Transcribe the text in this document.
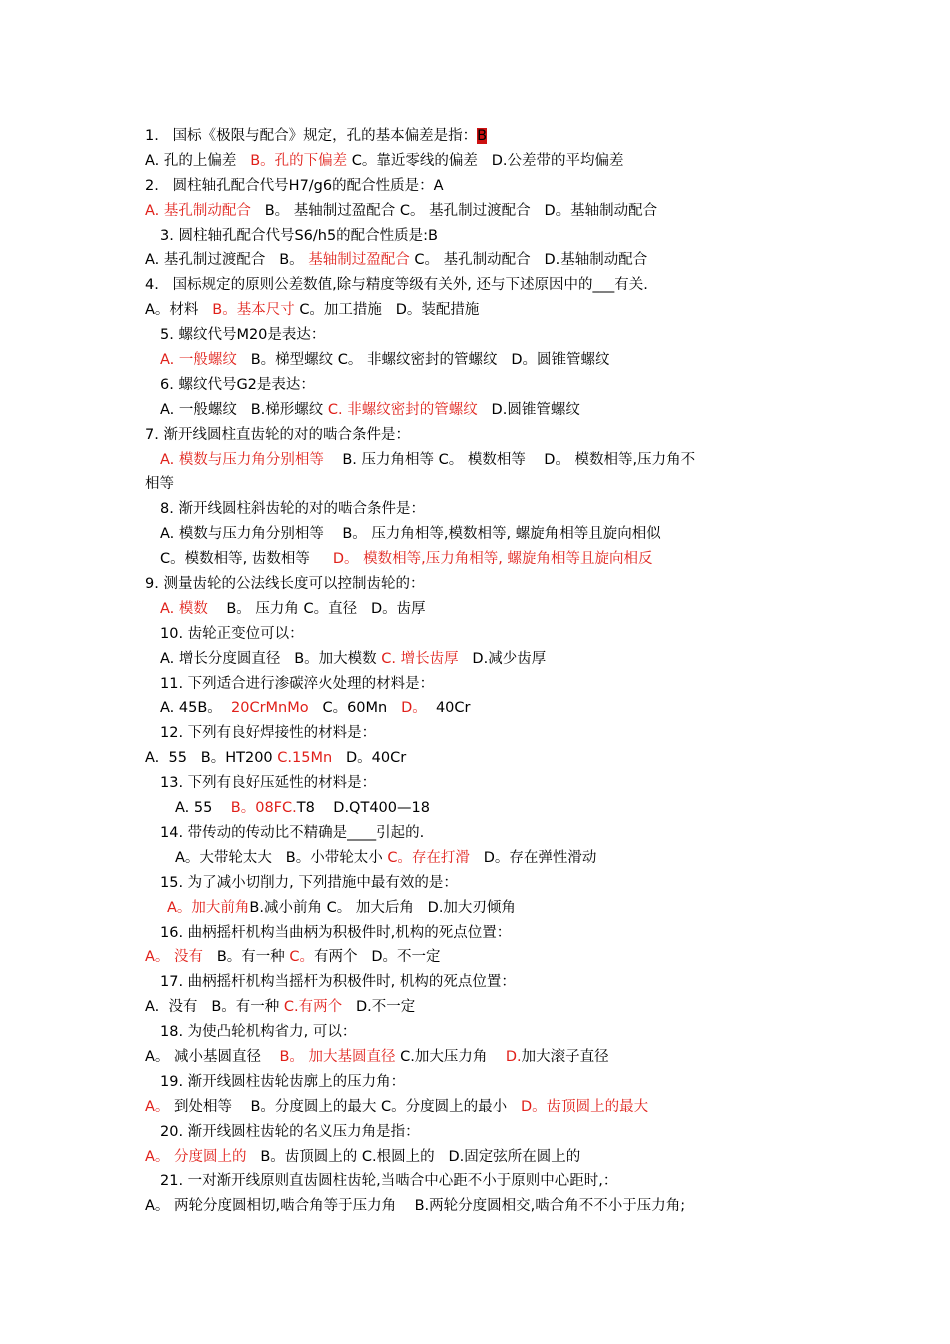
1.   国标《极限与配合》规定，孔的基本偏差是指：B
A. 孔的上偏差   B。孔的下偏差 C。靠近零线的偏差   D.公差带的平均偏差
2.   圆柱轴孔配合代号H7/g6的配合性质是：A
A. 基孔制动配合   B。 基轴制过盈配合 C。 基孔制过渡配合   D。基轴制动配合
3. 圆柱轴孔配合代号S6/h5的配合性质是:B
A. 基孔制过渡配合   B。 基轴制过盈配合 C。 基孔制动配合   D.基轴制动配合
4.   国标规定的原则公差数值,除与精度等级有关外, 还与下述原因中的___有关.
A。材料   B。基本尺寸 C。加工措施   D。装配措施
5. 螺纹代号M20是表达：
A. 一般螺纹   B。梯型螺纹 C。 非螺纹密封的管螺纹   D。圆锥管螺纹
6. 螺纹代号G2是表达：
A. 一般螺纹   B.梯形螺纹 C. 非螺纹密封的管螺纹   D.圆锥管螺纹
7. 渐开线圆柱直齿轮的对的啮合条件是：
A. 模数与压力角分别相等    B. 压力角相等 C。 模数相等    D。 模数相等,压力角不
相等
8. 渐开线圆柱斜齿轮的对的啮合条件是：
A. 模数与压力角分别相等    B。 压力角相等,模数相等, 螺旋角相等且旋向相似
C。模数相等, 齿数相等     D。 模数相等,压力角相等, 螺旋角相等且旋向相反
9. 测量齿轮的公法线长度可以控制齿轮的：
A. 模数    B。 压力角 C。直径   D。齿厚
10. 齿轮正变位可以：
A. 增长分度圆直径   B。加大模数 C. 增长齿厚   D.减少齿厚
11. 下列适合进行渗碳淬火处理的材料是：
A. 45B。  20CrMnMo   C。60Mn   D。  40Cr
12. 下列有良好焊接性的材料是：
A.  55   B。HT200 C.15Mn   D。40Cr
13. 下列有良好压延性的材料是：
A. 55    B。08FC.T8    D.QT400—18
14. 带传动的传动比不精确是____引起的.
A。大带轮太大   B。小带轮太小 C。存在打滑   D。存在弹性滑动
15. 为了减小切削力, 下列措施中最有效的是：
A。加大前角B.减小前角 C。 加大后角   D.加大刃倾角
16. 曲柄摇杆机构当曲柄为积极件时,机构的死点位置：
A。 没有   B。有一种 C。有两个   D。不一定
17. 曲柄摇杆机构当摇杆为积极件时, 机构的死点位置：
A.  没有   B。有一种 C.有两个   D.不一定
18. 为使凸轮机构省力, 可以：
A。 减小基圆直径    B。 加大基圆直径 C.加大压力角    D.加大滚子直径
19. 渐开线圆柱齿轮齿廓上的压力角：
A。 到处相等    B。分度圆上的最大 C。分度圆上的最小   D。齿顶圆上的最大
20. 渐开线圆柱齿轮的名义压力角是指：
A。 分度圆上的   B。齿顶圆上的 C.根圆上的   D.固定弦所在圆上的
21. 一对渐开线原则直齿圆柱齿轮,当啮合中心距不小于原则中心距时,：
A。 两轮分度圆相切,啮合角等于压力角    B.两轮分度圆相交,啮合角不不小于压力角;
